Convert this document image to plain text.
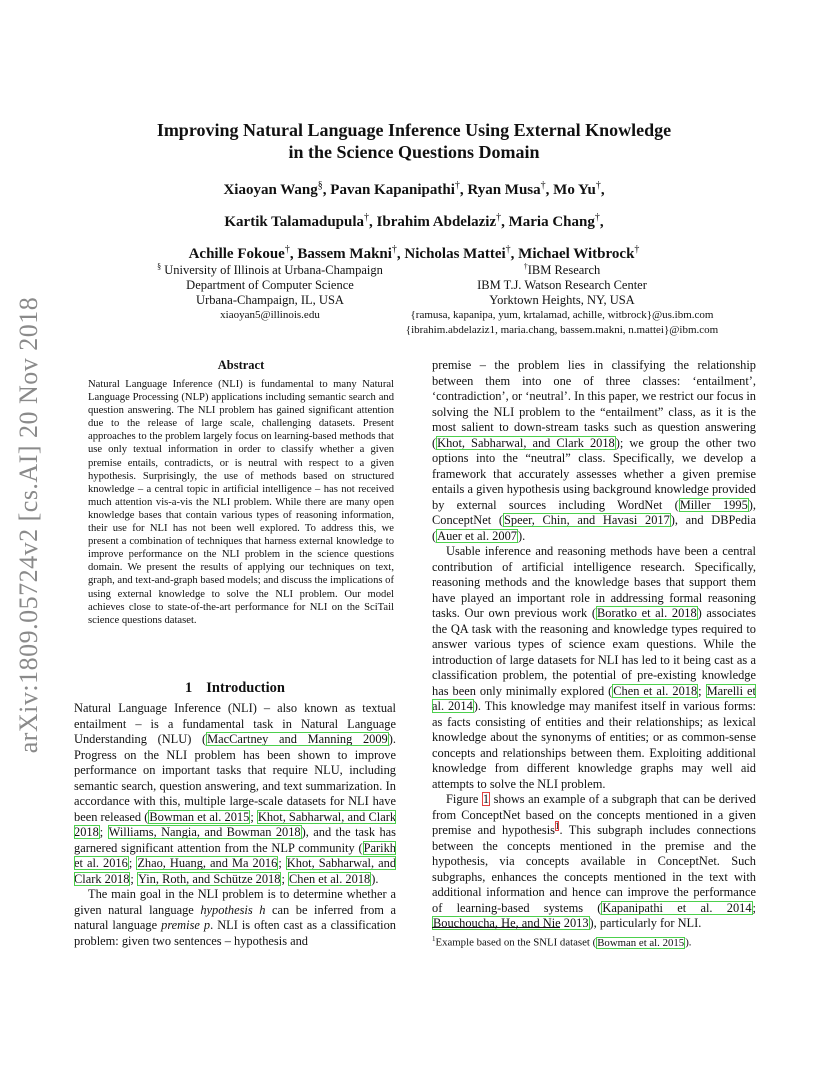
arXiv:1809.05724v2 [cs.AI] 20 Nov 2018
Improving Natural Language Inference Using External Knowledge
in the Science Questions Domain
Xiaoyan Wang§, Pavan Kapanipathi†, Ryan Musa†, Mo Yu†,
Kartik Talamadupula†, Ibrahim Abdelaziz†, Maria Chang†,
Achille Fokoue†, Bassem Makni†, Nicholas Mattei†, Michael Witbrock†
§ University of Illinois at Urbana-Champaign
Department of Computer Science
Urbana-Champaign, IL, USA
xiaoyan5@illinois.edu
†IBM Research
IBM T.J. Watson Research Center
Yorktown Heights, NY, USA
{ramusa, kapanipa, yum, krtalamad, achille, witbrock}@us.ibm.com
{ibrahim.abdelaziz1, maria.chang, bassem.makni, n.mattei}@ibm.com
Abstract
Natural Language Inference (NLI) is fundamental to many Natural Language Processing (NLP) applications including semantic search and question answering. The NLI problem has gained significant attention due to the release of large scale, challenging datasets. Present approaches to the problem largely focus on learning-based methods that use only textual information in order to classify whether a given premise entails, contradicts, or is neutral with respect to a given hypothesis. Surprisingly, the use of methods based on structured knowledge – a central topic in artificial intelligence – has not received much attention vis-a-vis the NLI problem. While there are many open knowledge bases that contain various types of reasoning information, their use for NLI has not been well explored. To address this, we present a combination of techniques that harness external knowledge to improve performance on the NLI problem in the science questions domain. We present the results of applying our techniques on text, graph, and text-and-graph based models; and discuss the implications of using external knowledge to solve the NLI problem. Our model achieves close to state-of-the-art performance for NLI on the SciTail science questions dataset.
1 Introduction

Natural Language Inference (NLI) – also known as textual entailment – is a fundamental task in Natural Language Understanding (NLU) (MacCartney and Manning 2009). Progress on the NLI problem has been shown to improve performance on important tasks that require NLU, including semantic search, question answering, and text summarization. In accordance with this, multiple large-scale datasets for NLI have been released (Bowman et al. 2015; Khot, Sabharwal, and Clark 2018; Williams, Nangia, and Bowman 2018), and the task has garnered significant attention from the NLP community (Parikh et al. 2016; Zhao, Huang, and Ma 2016; Khot, Sabharwal, and Clark 2018; Yin, Roth, and Schütze 2018; Chen et al. 2018).

The main goal in the NLI problem is to determine whether a given natural language hypothesis h can be inferred from a natural language premise p. NLI is often cast as a classification problem: given two sentences – hypothesis and

premise – the problem lies in classifying the relationship between them into one of three classes: ‘entailment’, ‘contradiction’, or ‘neutral’. In this paper, we restrict our focus in solving the NLI problem to the “entailment” class, as it is the most salient to down-stream tasks such as question answering (Khot, Sabharwal, and Clark 2018); we group the other two options into the “neutral” class. Specifically, we develop a framework that accurately assesses whether a given premise entails a given hypothesis using background knowledge provided by external sources including WordNet (Miller 1995), ConceptNet (Speer, Chin, and Havasi 2017), and DBPedia (Auer et al. 2007).

Usable inference and reasoning methods have been a central contribution of artificial intelligence research. Specifically, reasoning methods and the knowledge bases that support them have played an important role in addressing formal reasoning tasks. Our own previous work (Boratko et al. 2018) associates the QA task with the reasoning and knowledge types required to answer various types of science exam questions. While the introduction of large datasets for NLI has led to it being cast as a classification problem, the potential of pre-existing knowledge has been only minimally explored (Chen et al. 2018; Marelli et al. 2014). This knowledge may manifest itself in various forms: as facts consisting of entities and their relationships; as lexical knowledge about the synonyms of entities; or as common-sense concepts and relationships between them. Exploiting additional knowledge from different knowledge graphs may well aid attempts to solve the NLI problem.

Figure 1 shows an example of a subgraph that can be derived from ConceptNet based on the concepts mentioned in a given premise and hypothesis$^1$. This subgraph includes connections between the concepts mentioned in the premise and the hypothesis, via concepts available in ConceptNet. Such subgraphs, enhances the concepts mentioned in the text with additional information and hence can improve the performance of learning-based systems (Kapanipathi et al. 2014; Bouchoucha, He, and Nie 2013), particularly for NLI.

$^1$Example based on the SNLI dataset (Bowman et al. 2015).
